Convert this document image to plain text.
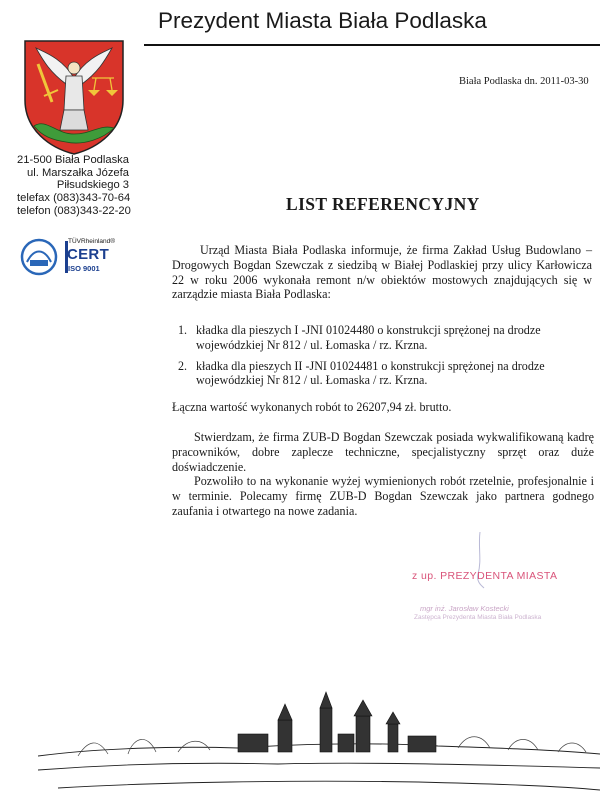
Prezydent Miasta Biała Podlaska
21-500 Biała Podlaska
ul. Marszałka Józefa
Piłsudskiego 3
telefax (083)343-70-64
telefon (083)343-22-20
TÜVRheinland®
CERT
ISO 9001
Biała Podlaska dn. 2011-03-30
LIST REFERENCYJNY
Urząd Miasta Biała Podlaska informuje, że firma Zakład Usług Budowlano – Drogowych Bogdan Szewczak z siedzibą w Białej Podlaskiej przy ulicy Karłowicza 22 w roku 2006 wykonała remont n/w obiektów mostowych znajdujących się w zarządzie miasta Biała Podlaska:
1. kładka dla pieszych I -JNI 01024480 o konstrukcji sprężonej na drodze wojewódzkiej Nr 812 / ul. Łomaska / rz. Krzna.
2. kładka dla pieszych II -JNI 01024481 o konstrukcji sprężonej na drodze wojewódzkiej Nr 812 / ul. Łomaska / rz. Krzna.
Łączna wartość wykonanych robót to 26207,94 zł. brutto.

Stwierdzam, że firma ZUB-D Bogdan Szewczak posiada wykwalifikowaną kadrę pracowników, dobre zaplecze techniczne, specjalistyczny sprzęt oraz duże doświadczenie.

Pozwoliło to na wykonanie wyżej wymienionych robót rzetelnie, profesjonalnie i w terminie. Polecamy firmę ZUB-D Bogdan Szewczak jako partnera godnego zaufania i otwartego na nowe zadania.

z up. PREZYDENTA MIASTA
mgr inż. Jarosław Kostecki
Zastępca Prezydenta Miasta Biała Podlaska
